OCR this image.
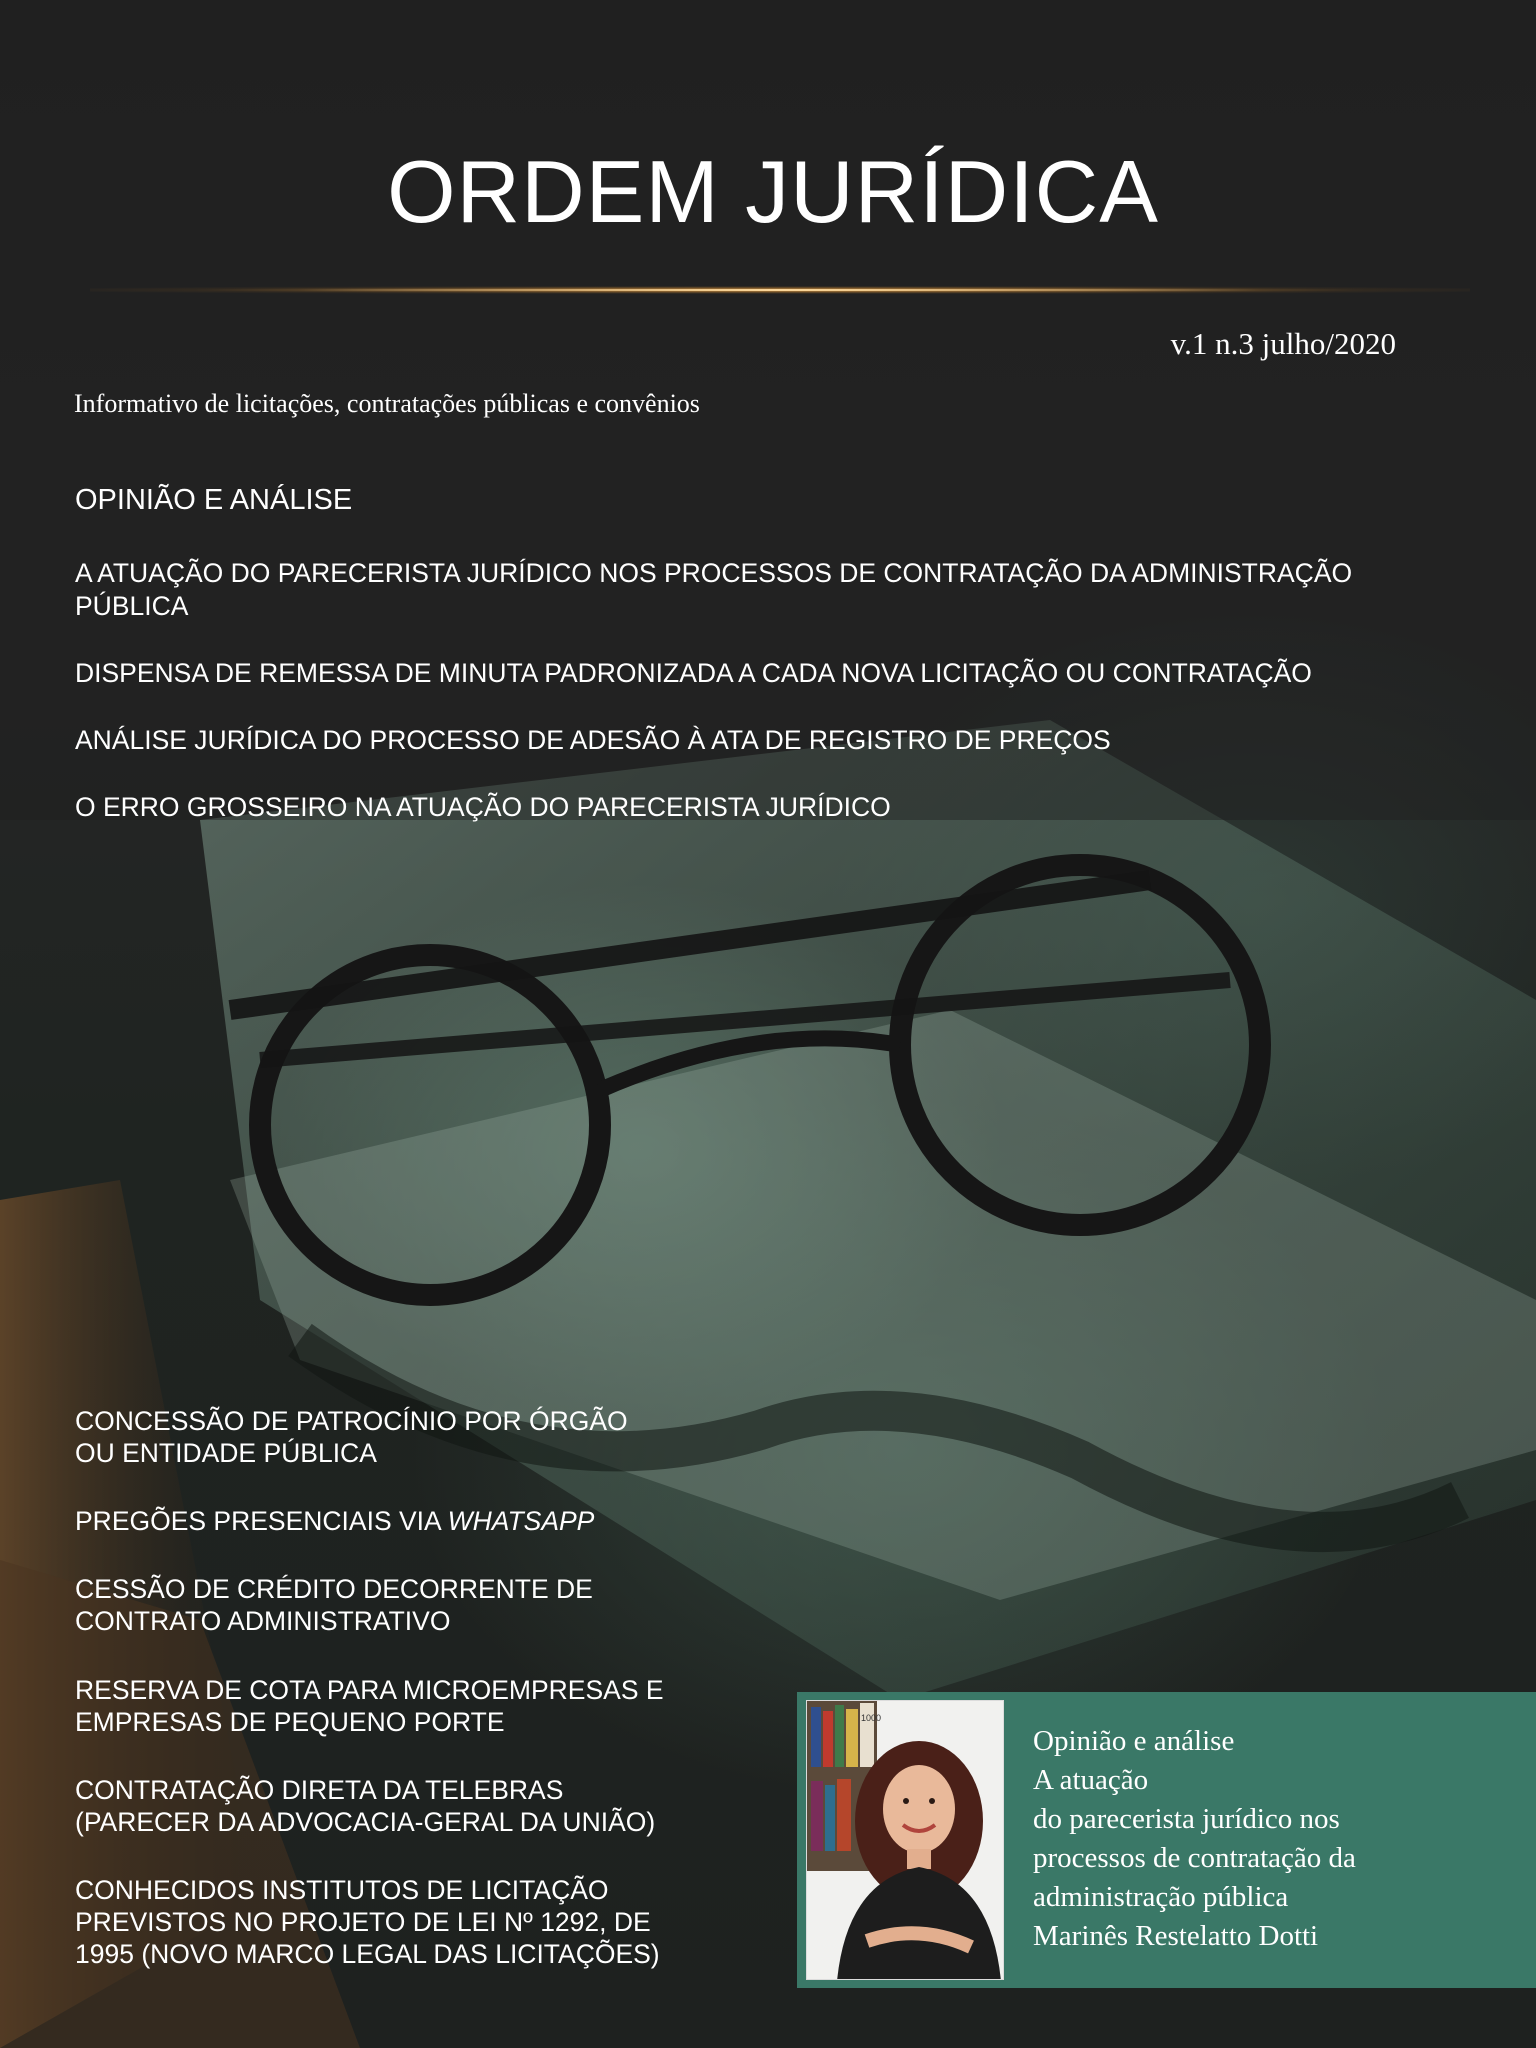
ORDEM JURÍDICA
v.1 n.3 julho/2020
Informativo de licitações, contratações públicas e convênios
OPINIÃO E ANÁLISE
A ATUAÇÃO DO PARECERISTA JURÍDICO NOS PROCESSOS DE CONTRATAÇÃO DA ADMINISTRAÇÃO
PÚBLICA
DISPENSA DE REMESSA DE MINUTA PADRONIZADA A CADA NOVA LICITAÇÃO OU CONTRATAÇÃO
ANÁLISE JURÍDICA DO PROCESSO DE ADESÃO À ATA DE REGISTRO DE PREÇOS
O ERRO GROSSEIRO NA ATUAÇÃO DO PARECERISTA JURÍDICO
CONCESSÃO DE PATROCÍNIO POR ÓRGÃO
OU ENTIDADE PÚBLICA
PREGÕES PRESENCIAIS VIA WHATSAPP
CESSÃO DE CRÉDITO DECORRENTE DE
CONTRATO ADMINISTRATIVO
RESERVA DE COTA PARA MICROEMPRESAS E
EMPRESAS DE PEQUENO PORTE
CONTRATAÇÃO DIRETA DA TELEBRAS
(PARECER DA ADVOCACIA-GERAL DA UNIÃO)
CONHECIDOS INSTITUTOS DE LICITAÇÃO
PREVISTOS NO PROJETO DE LEI Nº 1292, DE
1995 (NOVO MARCO LEGAL DAS LICITAÇÕES)
1000
Opinião e análise
A atuação
do parecerista jurídico nos
processos de contratação da
administração pública
Marinês Restelatto Dotti
